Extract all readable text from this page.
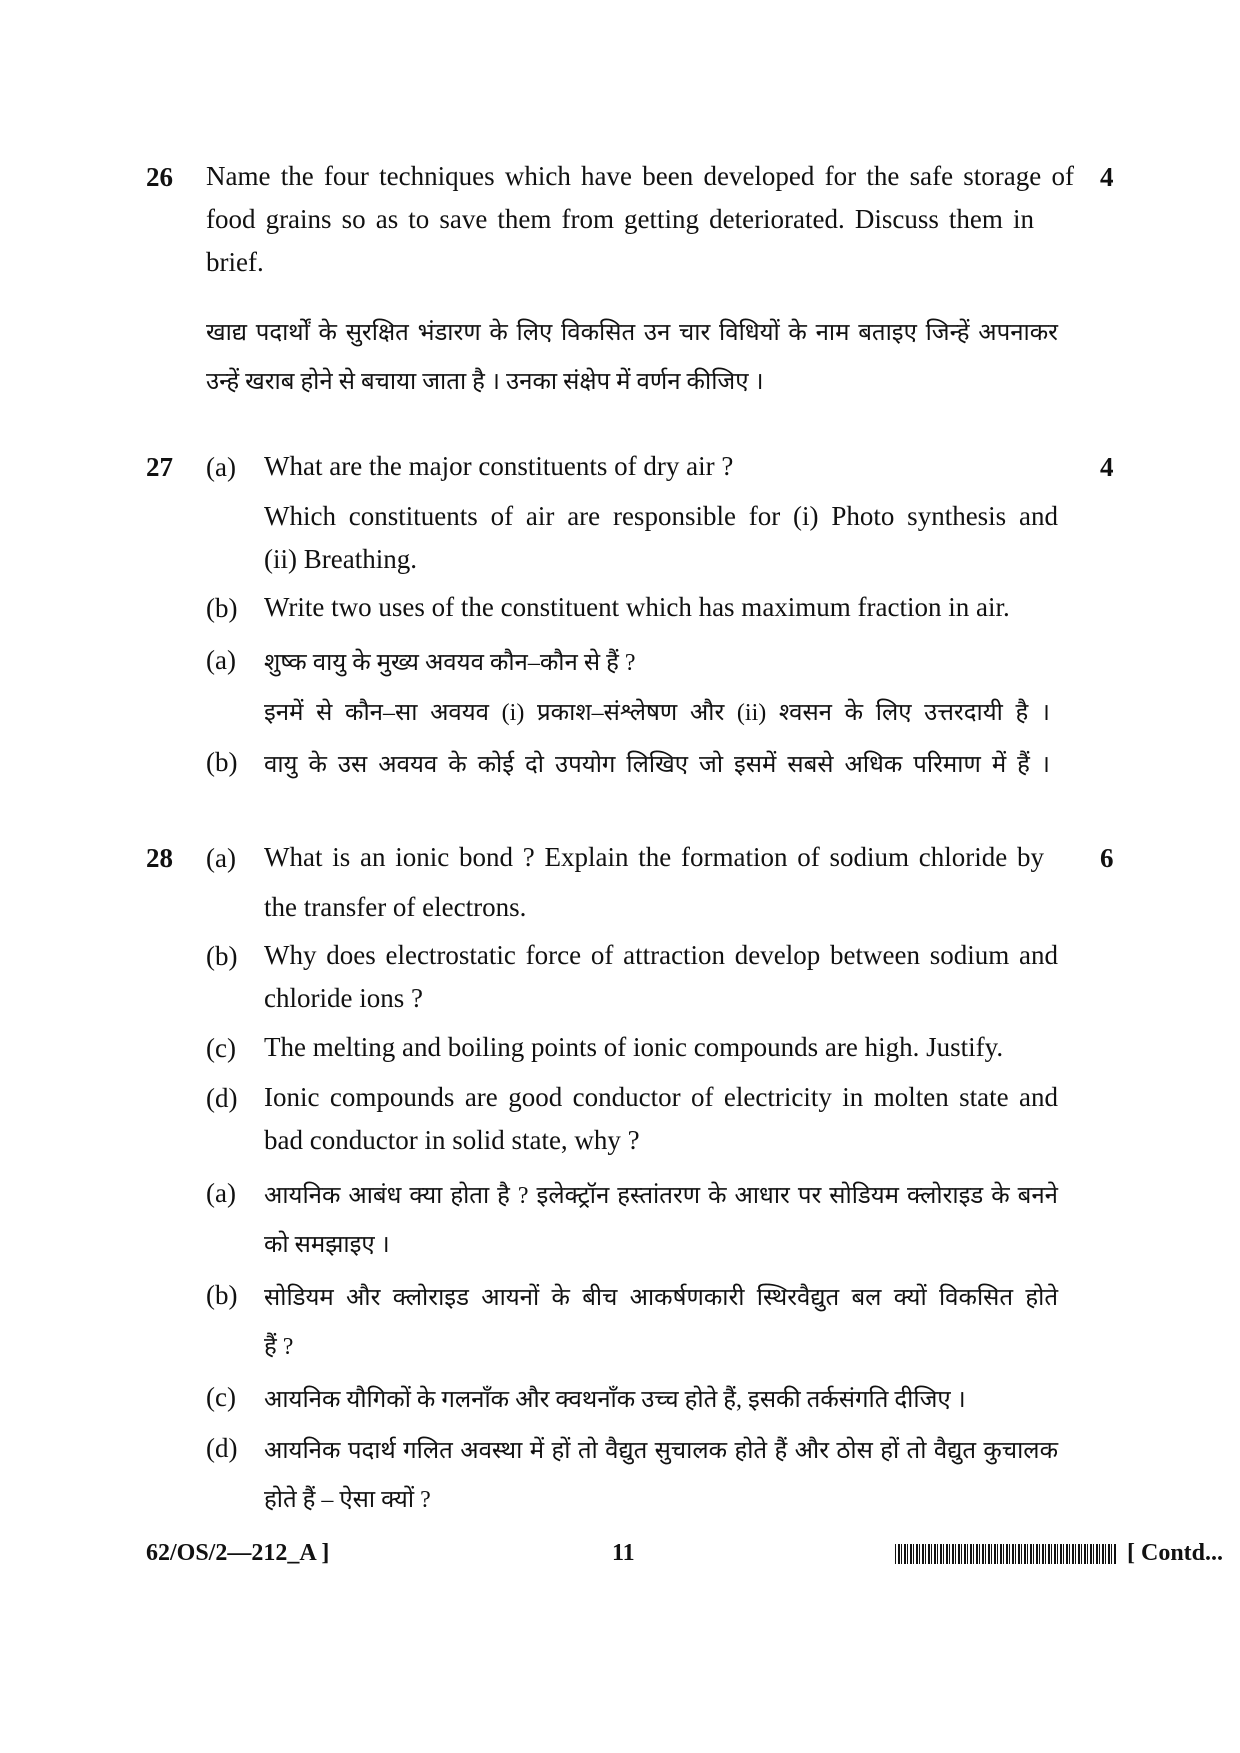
26	4
Name the four techniques which have been developed for the safe storage of
food grains so as to save them from getting deteriorated. Discuss them in
brief.
खाद्य पदार्थों के सुरक्षित भंडारण के लिए विकसित उन चार विधियों के नाम बताइए जिन्हें अपनाकर
उन्हें खराब होने से बचाया जाता है । उनका संक्षेप में वर्णन कीजिए ।
27	4
(a) What are the major constituents of dry air ?
Which constituents of air are responsible for (i) Photo synthesis and
(ii) Breathing.
(b) Write two uses of the constituent which has maximum fraction in air.
(a) शुष्क वायु के मुख्य अवयव कौन–कौन से हैं ?
इनमें से कौन–सा अवयव (i) प्रकाश–संश्लेषण और (ii) श्वसन के लिए उत्तरदायी है ।
(b) वायु के उस अवयव के कोई दो उपयोग लिखिए जो इसमें सबसे अधिक परिमाण में हैं ।
28	6
(a) What is an ionic bond ? Explain the formation of sodium chloride by
the transfer of electrons.
(b) Why does electrostatic force of attraction develop between sodium and
chloride ions ?
(c) The melting and boiling points of ionic compounds are high. Justify.
(d) Ionic compounds are good conductor of electricity in molten state and
bad conductor in solid state, why ?
(a) आयनिक आबंध क्या होता है ? इलेक्ट्रॉन हस्तांतरण के आधार पर सोडियम क्लोराइड के बनने
को समझाइए ।
(b) सोडियम और क्लोराइड आयनों के बीच आकर्षणकारी स्थिरवैद्युत बल क्यों विकसित होते
हैं ?
(c) आयनिक यौगिकों के गलनाँक और क्वथनाँक उच्च होते हैं, इसकी तर्कसंगति दीजिए ।
(d) आयनिक पदार्थ गलित अवस्था में हों तो वैद्युत सुचालक होते हैं और ठोस हों तो वैद्युत कुचालक
होते हैं – ऐसा क्यों ?
62/OS/2—212_A ]	11	[ Contd...
